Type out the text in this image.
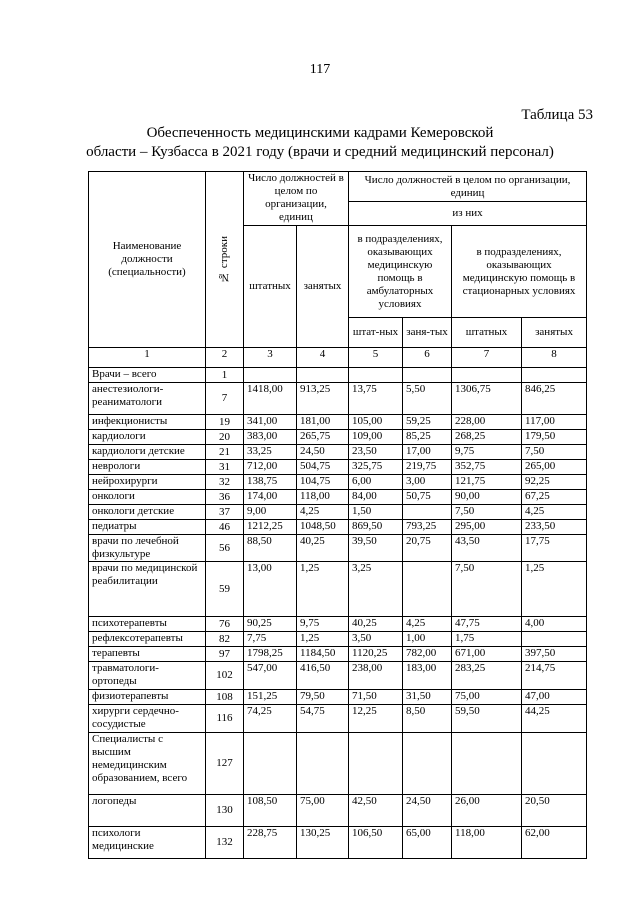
117
Таблица 53
Обеспеченность медицинскими кадрами Кемеровской
области – Кузбасса в 2021 году (врачи и средний медицинский персонал)
Наименование должности (специальности)	№ строки	Число должностей в целом по организации, единиц		Число должностей в целом по организации, единиц			
				из них			
		штатных	занятых	в подразделениях, оказывающих медицинскую помощь в амбулаторных условиях		в подразделениях, оказывающих медицинскую помощь в стационарных условиях	
				штат-ных	заня-тых	штатных	занятых
1	2	3	4	5	6	7	8
Врачи – всего	1						
анестезиологи-реаниматологи	7	1418,00	913,25	13,75	5,50	1306,75	846,25
инфекционисты	19	341,00	181,00	105,00	59,25	228,00	117,00
кардиологи	20	383,00	265,75	109,00	85,25	268,25	179,50
кардиологи детские	21	33,25	24,50	23,50	17,00	9,75	7,50
неврологи	31	712,00	504,75	325,75	219,75	352,75	265,00
нейрохирурги	32	138,75	104,75	6,00	3,00	121,75	92,25
онкологи	36	174,00	118,00	84,00	50,75	90,00	67,25
онкологи детские	37	9,00	4,25	1,50		7,50	4,25
педиатры	46	1212,25	1048,50	869,50	793,25	295,00	233,50
врачи по лечебной физкультуре	56	88,50	40,25	39,50	20,75	43,50	17,75
врачи по медицинской реабилитации	59	13,00	1,25	3,25		7,50	1,25
психотерапевты	76	90,25	9,75	40,25	4,25	47,75	4,00
рефлексотерапевты	82	7,75	1,25	3,50	1,00	1,75	
терапевты	97	1798,25	1184,50	1120,25	782,00	671,00	397,50
травматологи-ортопеды	102	547,00	416,50	238,00	183,00	283,25	214,75
физиотерапевты	108	151,25	79,50	71,50	31,50	75,00	47,00
хирурги сердечно-сосудистые	116	74,25	54,75	12,25	8,50	59,50	44,25
Специалисты с высшим немедицинским образованием, всего	127						
логопеды	130	108,50	75,00	42,50	24,50	26,00	20,50
психологи медицинские	132	228,75	130,25	106,50	65,00	118,00	62,00
